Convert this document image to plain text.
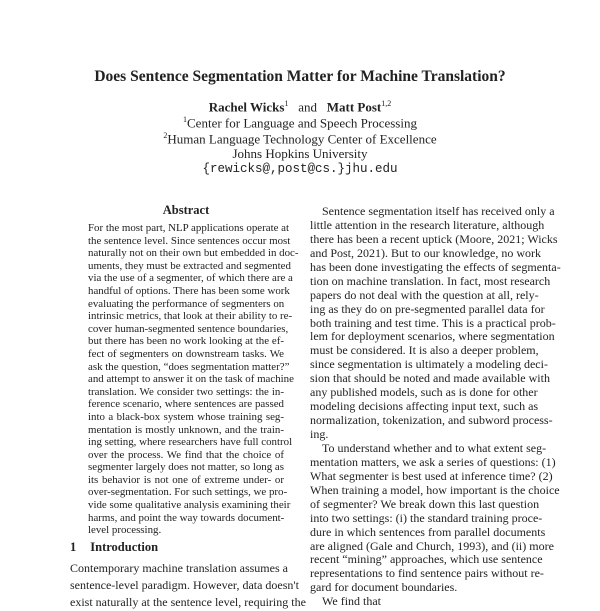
Does Sentence Segmentation Matter for Machine Translation?
Rachel Wicks$^1$ and Matt Post$^{1,2}$
$^1$Center for Language and Speech Processing
$^2$Human Language Technology Center of Excellence
Johns Hopkins University
{rewicks@,post@cs.}jhu.edu
Abstract
For the most part, NLP applications operate at
the sentence level. Since sentences occur most
naturally not on their own but embedded in doc-
uments, they must be extracted and segmented
via the use of a segmenter, of which there are a
handful of options. There has been some work
evaluating the performance of segmenters on
intrinsic metrics, that look at their ability to re-
cover human-segmented sentence boundaries,
but there has been no work looking at the ef-
fect of segmenters on downstream tasks. We
ask the question, “does segmentation matter?”
and attempt to answer it on the task of machine
translation. We consider two settings: the in-
ference scenario, where sentences are passed
into a black-box system whose training seg-
mentation is mostly unknown, and the train-
ing setting, where researchers have full control
over the process. We find that the choice of
segmenter largely does not matter, so long as
its behavior is not one of extreme under- or
over-segmentation. For such settings, we pro-
vide some qualitative analysis examining their
harms, and point the way towards document-
level processing.
1 Introduction
Contemporary machine translation assumes a
sentence-level paradigm. However, data doesn't
exist naturally at the sentence level, requiring the
Sentence segmentation itself has received only a
little attention in the research literature, although
there has been a recent uptick (Moore, 2021; Wicks
and Post, 2021). But to our knowledge, no work
has been done investigating the effects of segmenta-
tion on machine translation. In fact, most research
papers do not deal with the question at all, rely-
ing as they do on pre-segmented parallel data for
both training and test time. This is a practical prob-
lem for deployment scenarios, where segmentation
must be considered. It is also a deeper problem,
since segmentation is ultimately a modeling deci-
sion that should be noted and made available with
any published models, such as is done for other
modeling decisions affecting input text, such as
normalization, tokenization, and subword process-
ing.
To understand whether and to what extent seg-
mentation matters, we ask a series of questions: (1)
What segmenter is best used at inference time? (2)
When training a model, how important is the choice
of segmenter? We break down this last question
into two settings: (i) the standard training proce-
dure in which sentences from parallel documents
are aligned (Gale and Church, 1993), and (ii) more
recent “mining” approaches, which use sentence
representations to find sentence pairs without re-
gard for document boundaries.
We find that
